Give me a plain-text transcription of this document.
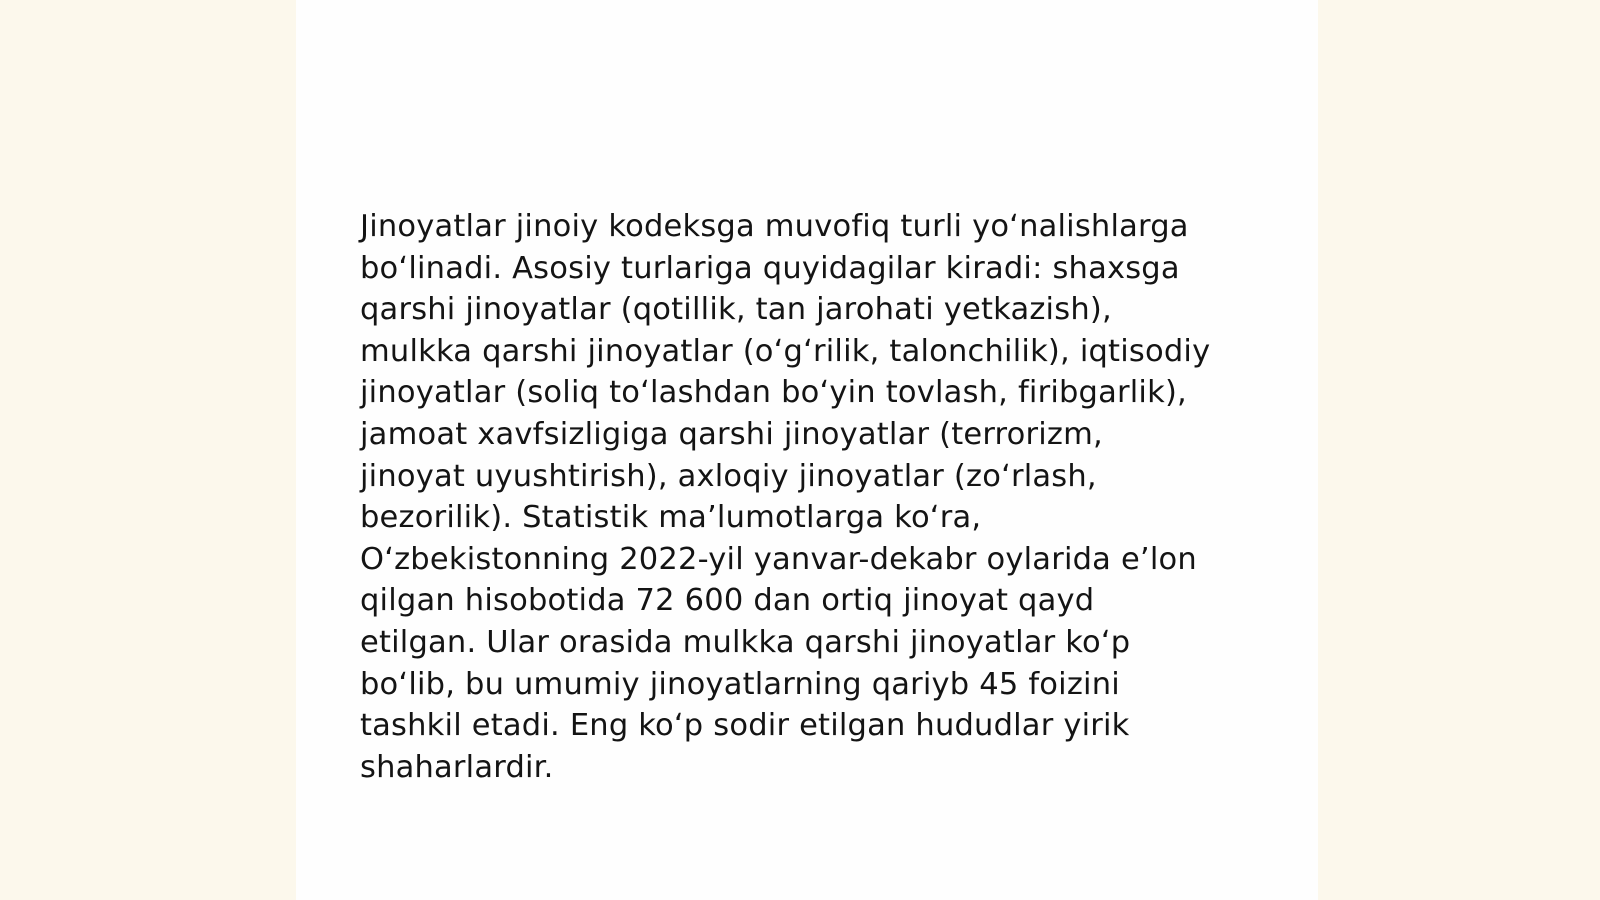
Jinoyatlar jinoiy kodeksga muvofiq turli yoʻnalishlarga
boʻlinadi. Asosiy turlariga quyidagilar kiradi: shaxsga
qarshi jinoyatlar (qotillik, tan jarohati yetkazish),
mulkka qarshi jinoyatlar (oʻgʻrilik, talonchilik), iqtisodiy
jinoyatlar (soliq toʻlashdan boʻyin tovlash, firibgarlik),
jamoat xavfsizligiga qarshi jinoyatlar (terrorizm,
jinoyat uyushtirish), axloqiy jinoyatlar (zoʻrlash,
bezorilik). Statistik maʼlumotlarga koʻra,
Oʻzbekistonning 2022-yil yanvar-dekabr oylarida eʼlon
qilgan hisobotida 72 600 dan ortiq jinoyat qayd
etilgan. Ular orasida mulkka qarshi jinoyatlar koʻp
boʻlib, bu umumiy jinoyatlarning qariyb 45 foizini
tashkil etadi. Eng koʻp sodir etilgan hududlar yirik
shaharlardir.
